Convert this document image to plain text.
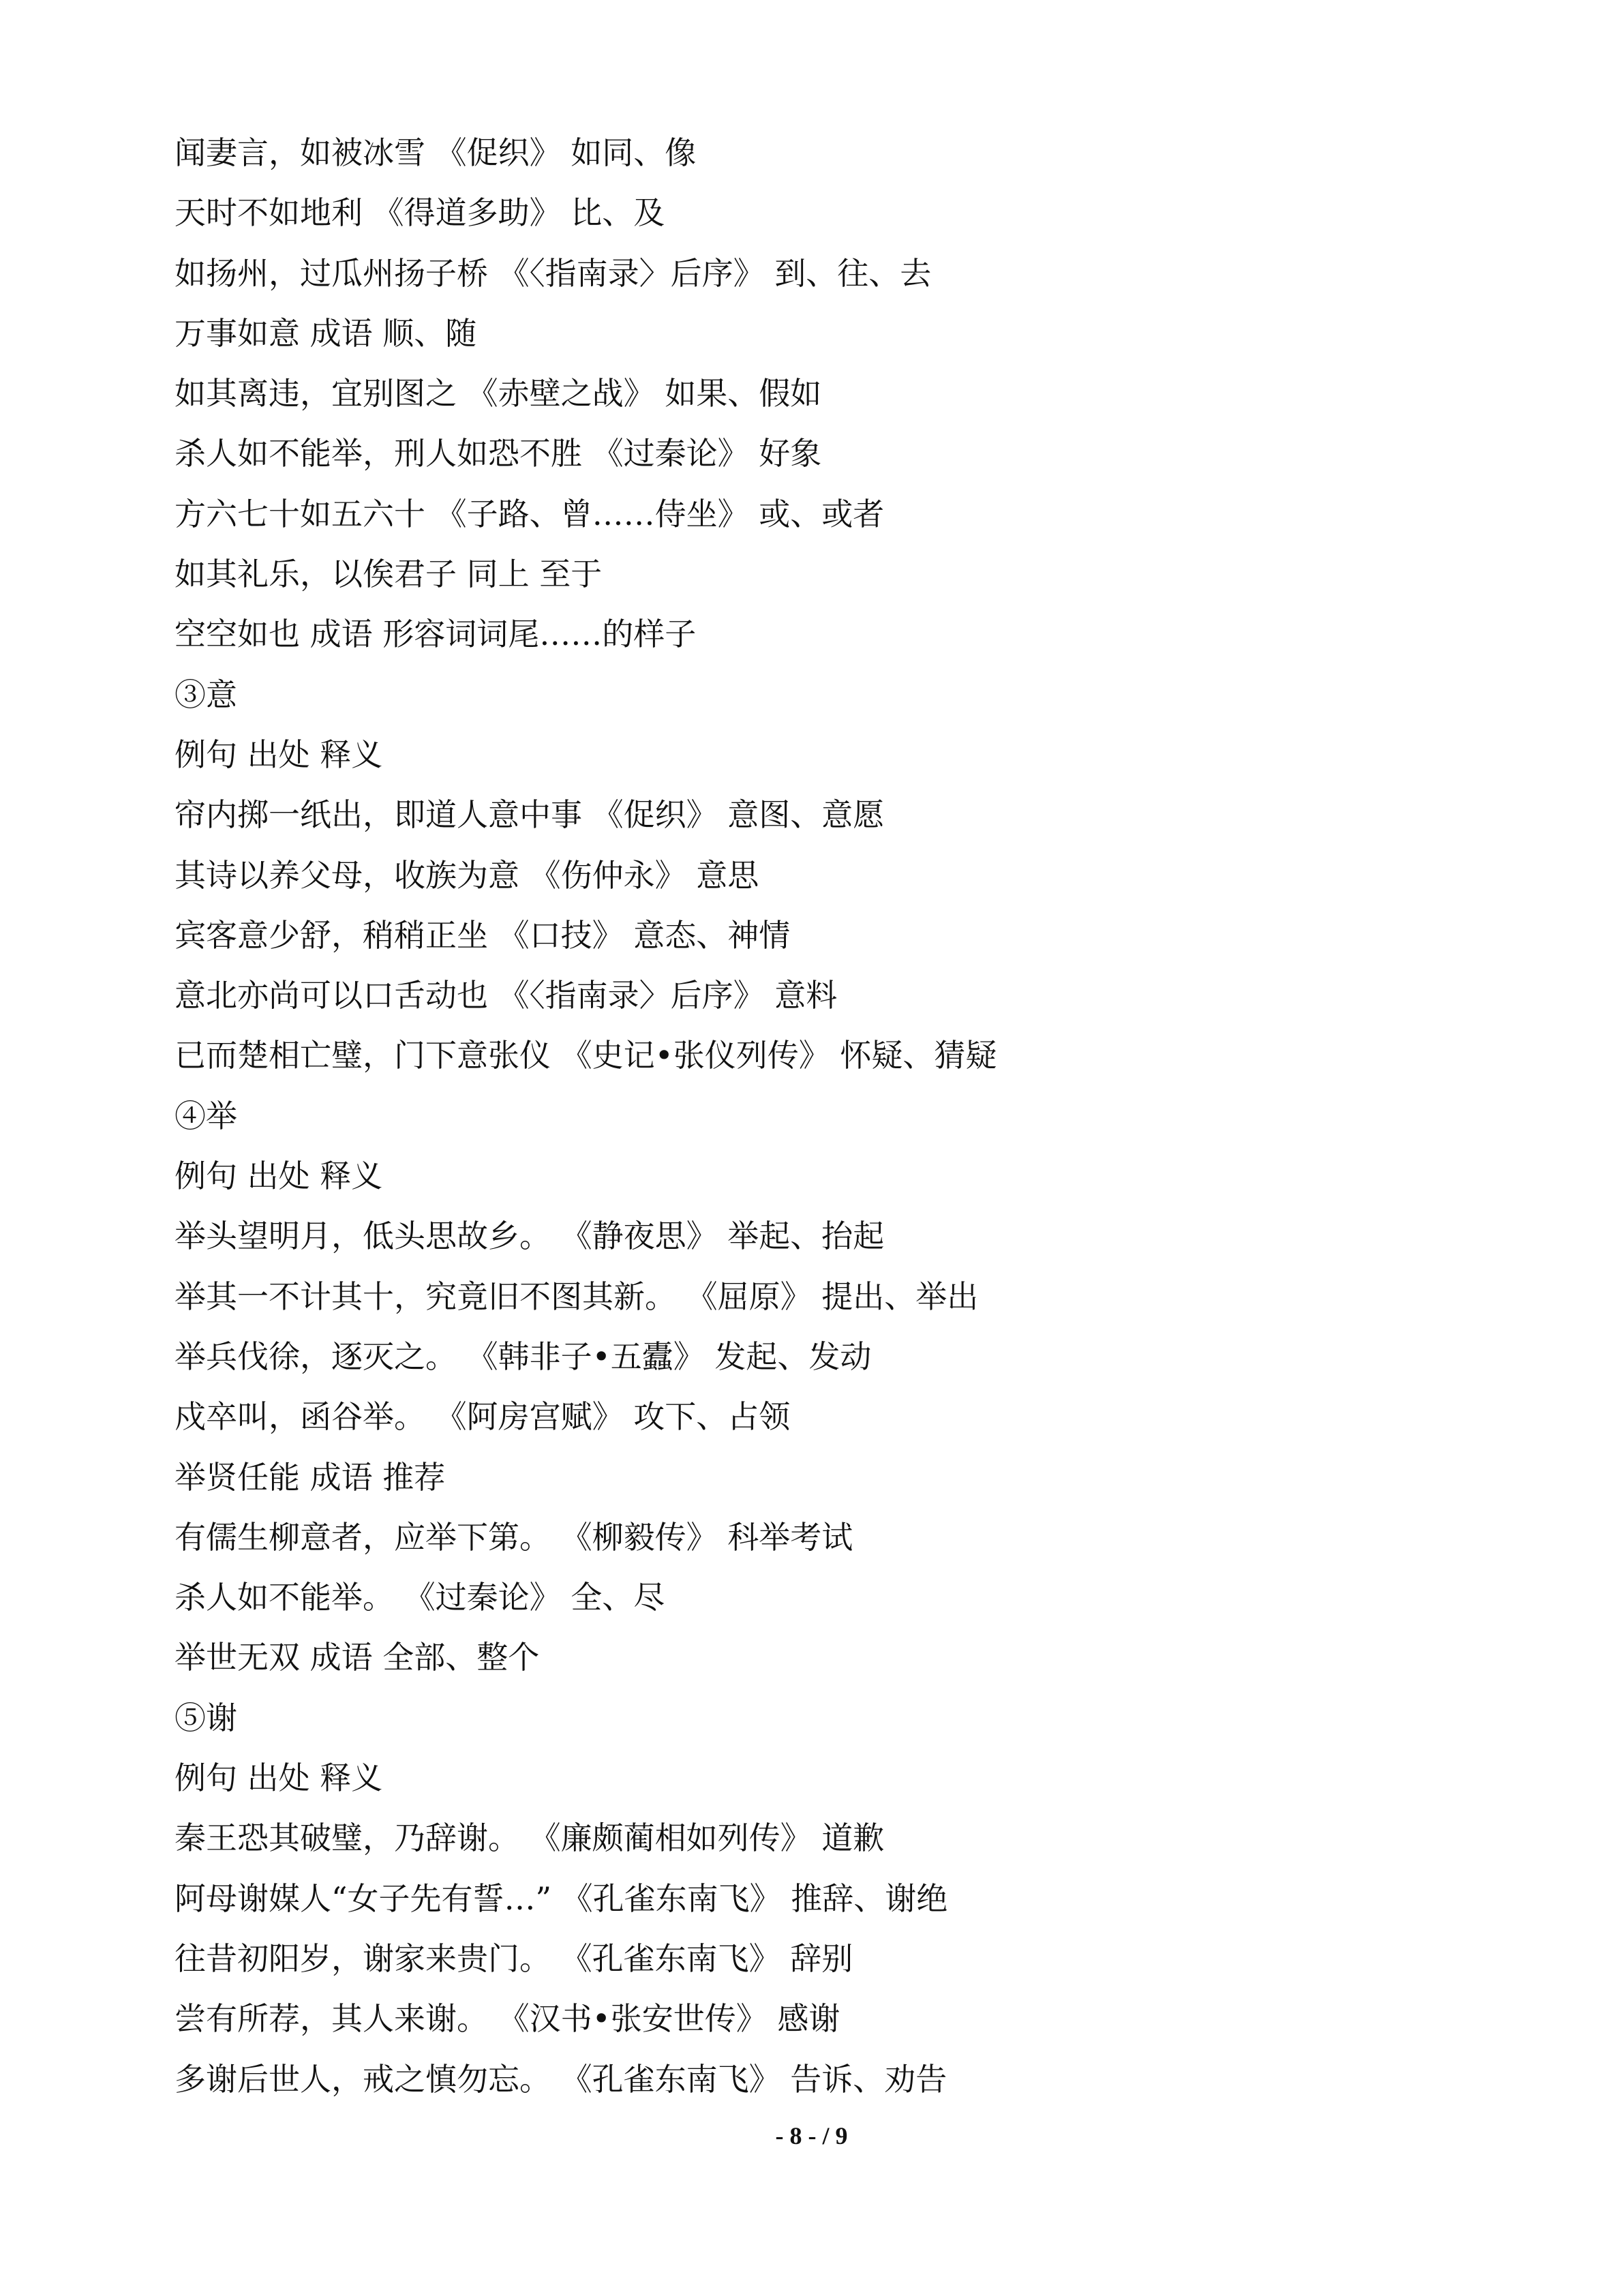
闻妻言，如被冰雪 《促织》 如同、像
天时不如地利 《得道多助》 比、及
如扬州，过瓜州扬子桥 《〈指南录〉后序》 到、往、去
万事如意 成语 顺、随
如其离违，宜别图之 《赤壁之战》 如果、假如
杀人如不能举，刑人如恐不胜 《过秦论》 好象
方六七十如五六十 《子路、曾……侍坐》 或、或者
如其礼乐，以俟君子 同上 至于
空空如也 成语 形容词词尾……的样子
③意
例句 出处 释义
帘内掷一纸出，即道人意中事 《促织》 意图、意愿
其诗以养父母，收族为意 《伤仲永》 意思
宾客意少舒，稍稍正坐 《口技》 意态、神情
意北亦尚可以口舌动也 《〈指南录〉后序》 意料
已而楚相亡璧，门下意张仪 《史记•张仪列传》 怀疑、猜疑
④举
例句 出处 释义
举头望明月，低头思故乡。 《静夜思》 举起、抬起
举其一不计其十，究竟旧不图其新。 《屈原》 提出、举出
举兵伐徐，逐灭之。 《韩非子•五蠹》 发起、发动
戍卒叫，函谷举。 《阿房宫赋》 攻下、占领
举贤任能 成语 推荐
有儒生柳意者，应举下第。 《柳毅传》 科举考试
杀人如不能举。 《过秦论》 全、尽
举世无双 成语 全部、整个
⑤谢
例句 出处 释义
秦王恐其破璧，乃辞谢。 《廉颇蔺相如列传》 道歉
阿母谢媒人“女子先有誓…” 《孔雀东南飞》 推辞、谢绝
往昔初阳岁，谢家来贵门。 《孔雀东南飞》 辞别
尝有所荐，其人来谢。 《汉书•张安世传》 感谢
多谢后世人，戒之慎勿忘。 《孔雀东南飞》 告诉、劝告
- 8 - / 9
